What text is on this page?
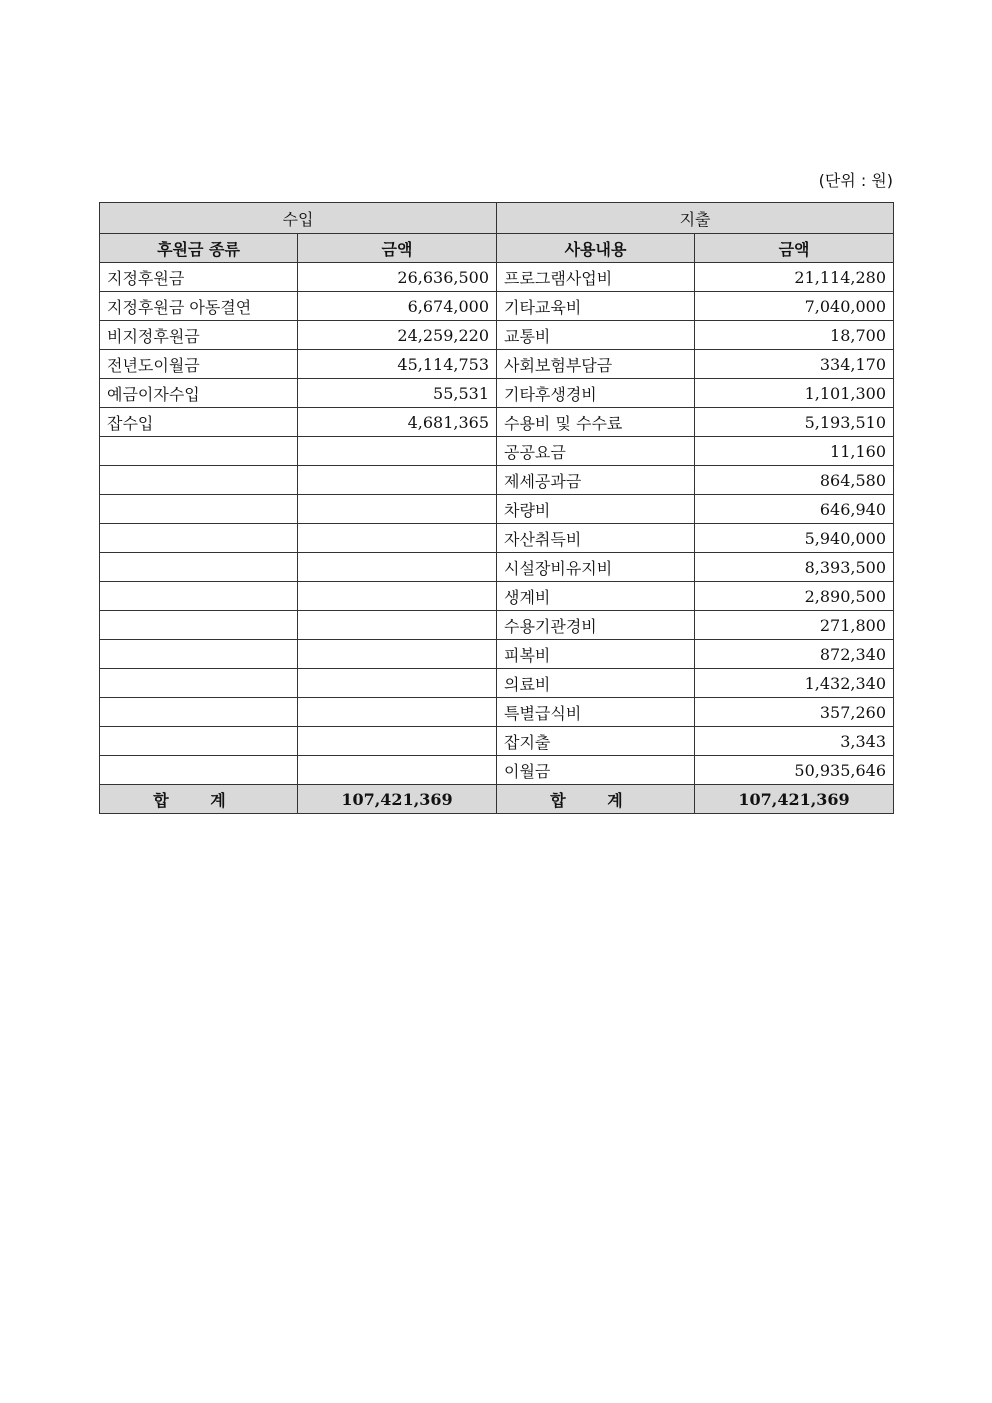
(단위 : 원)
수입		지출	
후원금 종류	금액	사용내용	금액
지정후원금	26,636,500	프로그램사업비	21,114,280
지정후원금 아동결연	6,674,000	기타교육비	7,040,000
비지정후원금	24,259,220	교통비	18,700
전년도이월금	45,114,753	사회보험부담금	334,170
예금이자수입	55,531	기타후생경비	1,101,300
잡수입	4,681,365	수용비 및 수수료	5,193,510
		공공요금	11,160
		제세공과금	864,580
		차량비	646,940
		자산취득비	5,940,000
		시설장비유지비	8,393,500
		생계비	2,890,500
		수용기관경비	271,800
		피복비	872,340
		의료비	1,432,340
		특별급식비	357,260
		잡지출	3,343
		이월금	50,935,646
합 계	107,421,369	합 계	107,421,369
